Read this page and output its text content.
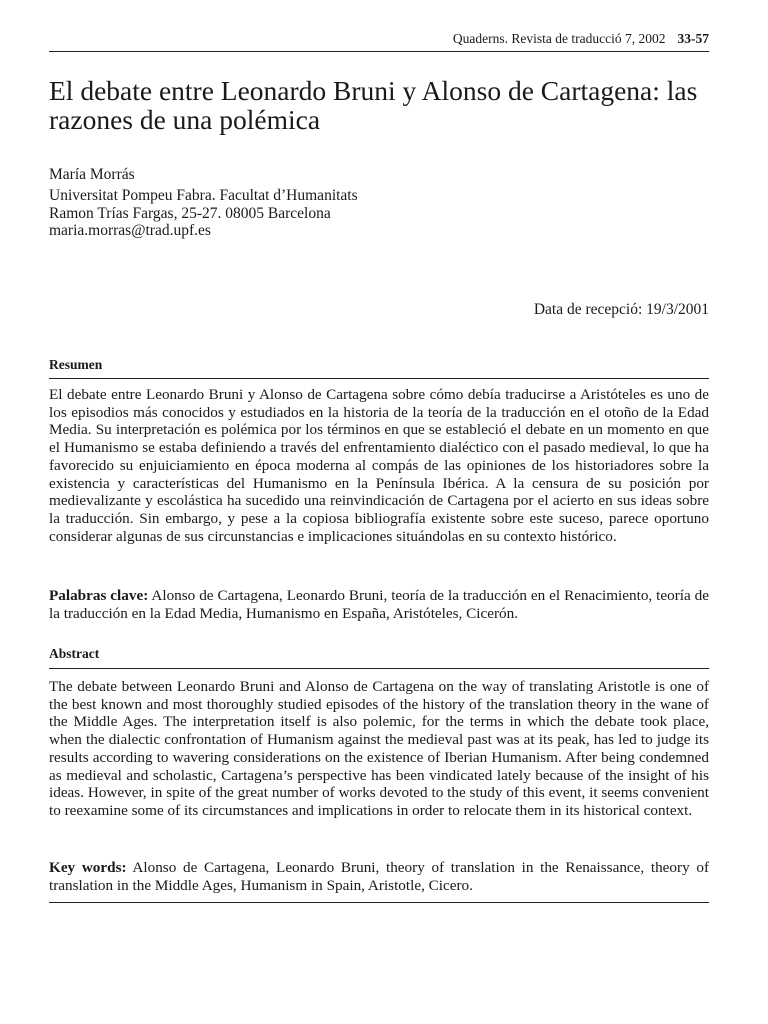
Quaderns. Revista de traducció 7, 2002 33-57
El debate entre Leonardo Bruni y Alonso de Cartagena: las razones de una polémica
María Morrás
Universitat Pompeu Fabra. Facultat d’Humanitats
Ramon Trías Fargas, 25-27. 08005 Barcelona
maria.morras@trad.upf.es
Data de recepció: 19/3/2001
Resumen

El debate entre Leonardo Bruni y Alonso de Cartagena sobre cómo debía traducirse a Aristóteles es uno de los episodios más conocidos y estudiados en la historia de la teoría de la traducción en el otoño de la Edad Media. Su interpretación es polémica por los términos en que se estableció el debate en un momento en que el Humanismo se estaba definiendo a través del enfrentamiento dialéctico con el pasado medieval, lo que ha favorecido su enjuiciamiento en época moderna al compás de las opiniones de los historiadores sobre la existencia y características del Humanismo en la Península Ibérica. A la censura de su posición por medievalizante y escolástica ha sucedido una reinvindicación de Cartagena por el acierto en sus ideas sobre la traducción. Sin embargo, y pese a la copiosa bibliografía existente sobre este suceso, parece oportuno considerar algunas de sus circunstancias e implicaciones situándolas en su contexto histórico.

Palabras clave: Alonso de Cartagena, Leonardo Bruni, teoría de la traducción en el Renacimiento, teoría de la traducción en la Edad Media, Humanismo en España, Aristóteles, Cicerón.

Abstract

The debate between Leonardo Bruni and Alonso de Cartagena on the way of translating Aristotle is one of the best known and most thoroughly studied episodes of the history of the translation theory in the wane of the Middle Ages. The interpretation itself is also polemic, for the terms in which the debate took place, when the dialectic confrontation of Humanism against the medieval past was at its peak, has led to judge its results according to wavering considerations on the existence of Iberian Humanism. After being condemned as medieval and scholastic, Cartagena’s perspective has been vindicated lately because of the insight of his ideas. However, in spite of the great number of works devoted to the study of this event, it seems convenient to reexamine some of its circumstances and implications in order to relocate them in its historical context.

Key words: Alonso de Cartagena, Leonardo Bruni, theory of translation in the Renaissance, theory of translation in the Middle Ages, Humanism in Spain, Aristotle, Cicero.
